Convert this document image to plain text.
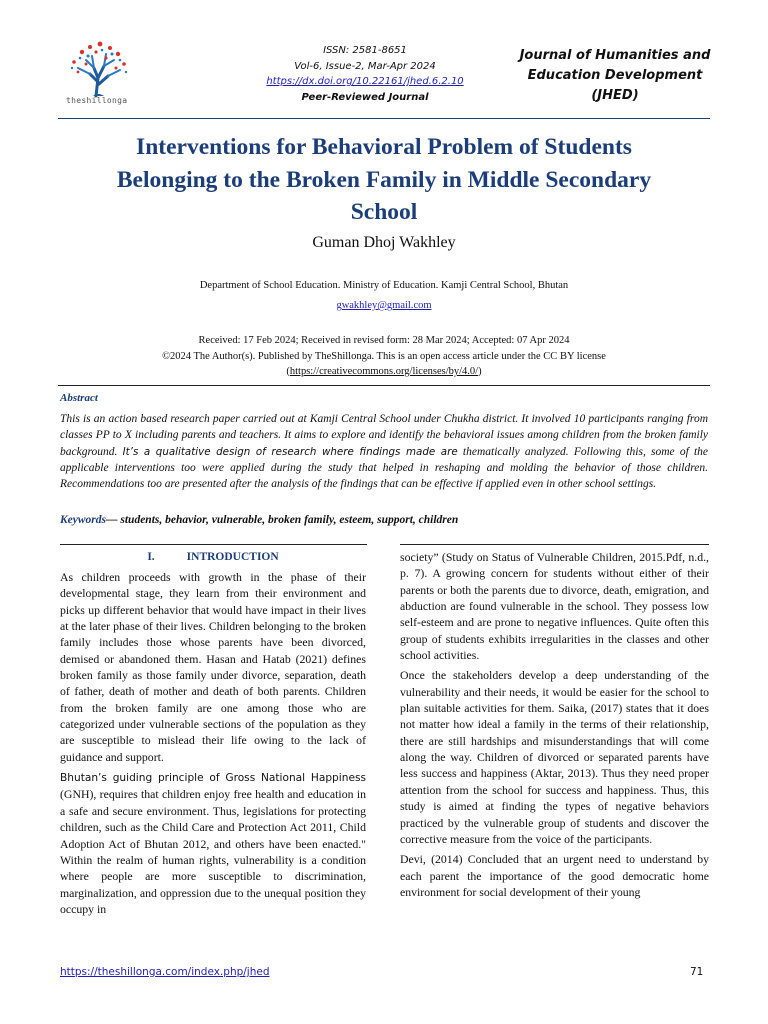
theshillonga
ISSN: 2581-8651
Vol-6, Issue-2, Mar-Apr 2024
https://dx.doi.org/10.22161/jhed.6.2.10
Peer-Reviewed Journal
Journal of Humanities and
Education Development
(JHED)
Interventions for Behavioral Problem of Students
Belonging to the Broken Family in Middle Secondary
School
Guman Dhoj Wakhley
Department of School Education. Ministry of Education. Kamji Central School, Bhutan
gwakhley@gmail.com
Received: 17 Feb 2024; Received in revised form: 28 Mar 2024; Accepted: 07 Apr 2024
©2024 The Author(s). Published by TheShillonga. This is an open access article under the CC BY license
(https://creativecommons.org/licenses/by/4.0/)
Abstract
This is an action based research paper carried out at Kamji Central School under Chukha district. It involved 10 participants ranging from classes PP to X including parents and teachers. It aims to explore and identify the behavioral issues among children from the broken family background. It’s a qualitative design of research where findings made are thematically analyzed. Following this, some of the applicable interventions too were applied during the study that helped in reshaping and molding the behavior of those children. Recommendations too are presented after the analysis of the findings that can be effective if applied even in other school settings.
Keywords— students, behavior, vulnerable, broken family, esteem, support, children
I.	INTRODUCTION

As children proceeds with growth in the phase of their developmental stage, they learn from their environment and picks up different behavior that would have impact in their lives at the later phase of their lives. Children belonging to the broken family includes those whose parents have been divorced, demised or abandoned them. Hasan and Hatab (2021) defines broken family as those family under divorce, separation, death of father, death of mother and death of both parents. Children from the broken family are one among those who are categorized under vulnerable sections of the population as they are susceptible to mislead their life owing to the lack of guidance and support.

Bhutan’s guiding principle of Gross National Happiness (GNH), requires that children enjoy free health and education in a safe and secure environment. Thus, legislations for protecting children, such as the Child Care and Protection Act 2011, Child Adoption Act of Bhutan 2012, and others have been enacted." Within the realm of human rights, vulnerability is a condition where people are more susceptible to discrimination, marginalization, and oppression due to the unequal position they occupy in

society” (Study on Status of Vulnerable Children, 2015.Pdf, n.d., p. 7). A growing concern for students without either of their parents or both the parents due to divorce, death, emigration, and abduction are found vulnerable in the school. They possess low self-esteem and are prone to negative influences. Quite often this group of students exhibits irregularities in the classes and other school activities.

Once the stakeholders develop a deep understanding of the vulnerability and their needs, it would be easier for the school to plan suitable activities for them. Saika, (2017) states that it does not matter how ideal a family in the terms of their relationship, there are still hardships and misunderstandings that will come along the way. Children of divorced or separated parents have less success and happiness (Aktar, 2013). Thus they need proper attention from the school for success and happiness. Thus, this study is aimed at finding the types of negative behaviors practiced by the vulnerable group of students and discover the corrective measure from the voice of the participants.

Devi, (2014) Concluded that an urgent need to understand by each parent the importance of the good democratic home environment for social development of their young

https://theshillonga.com/index.php/jhed	71
